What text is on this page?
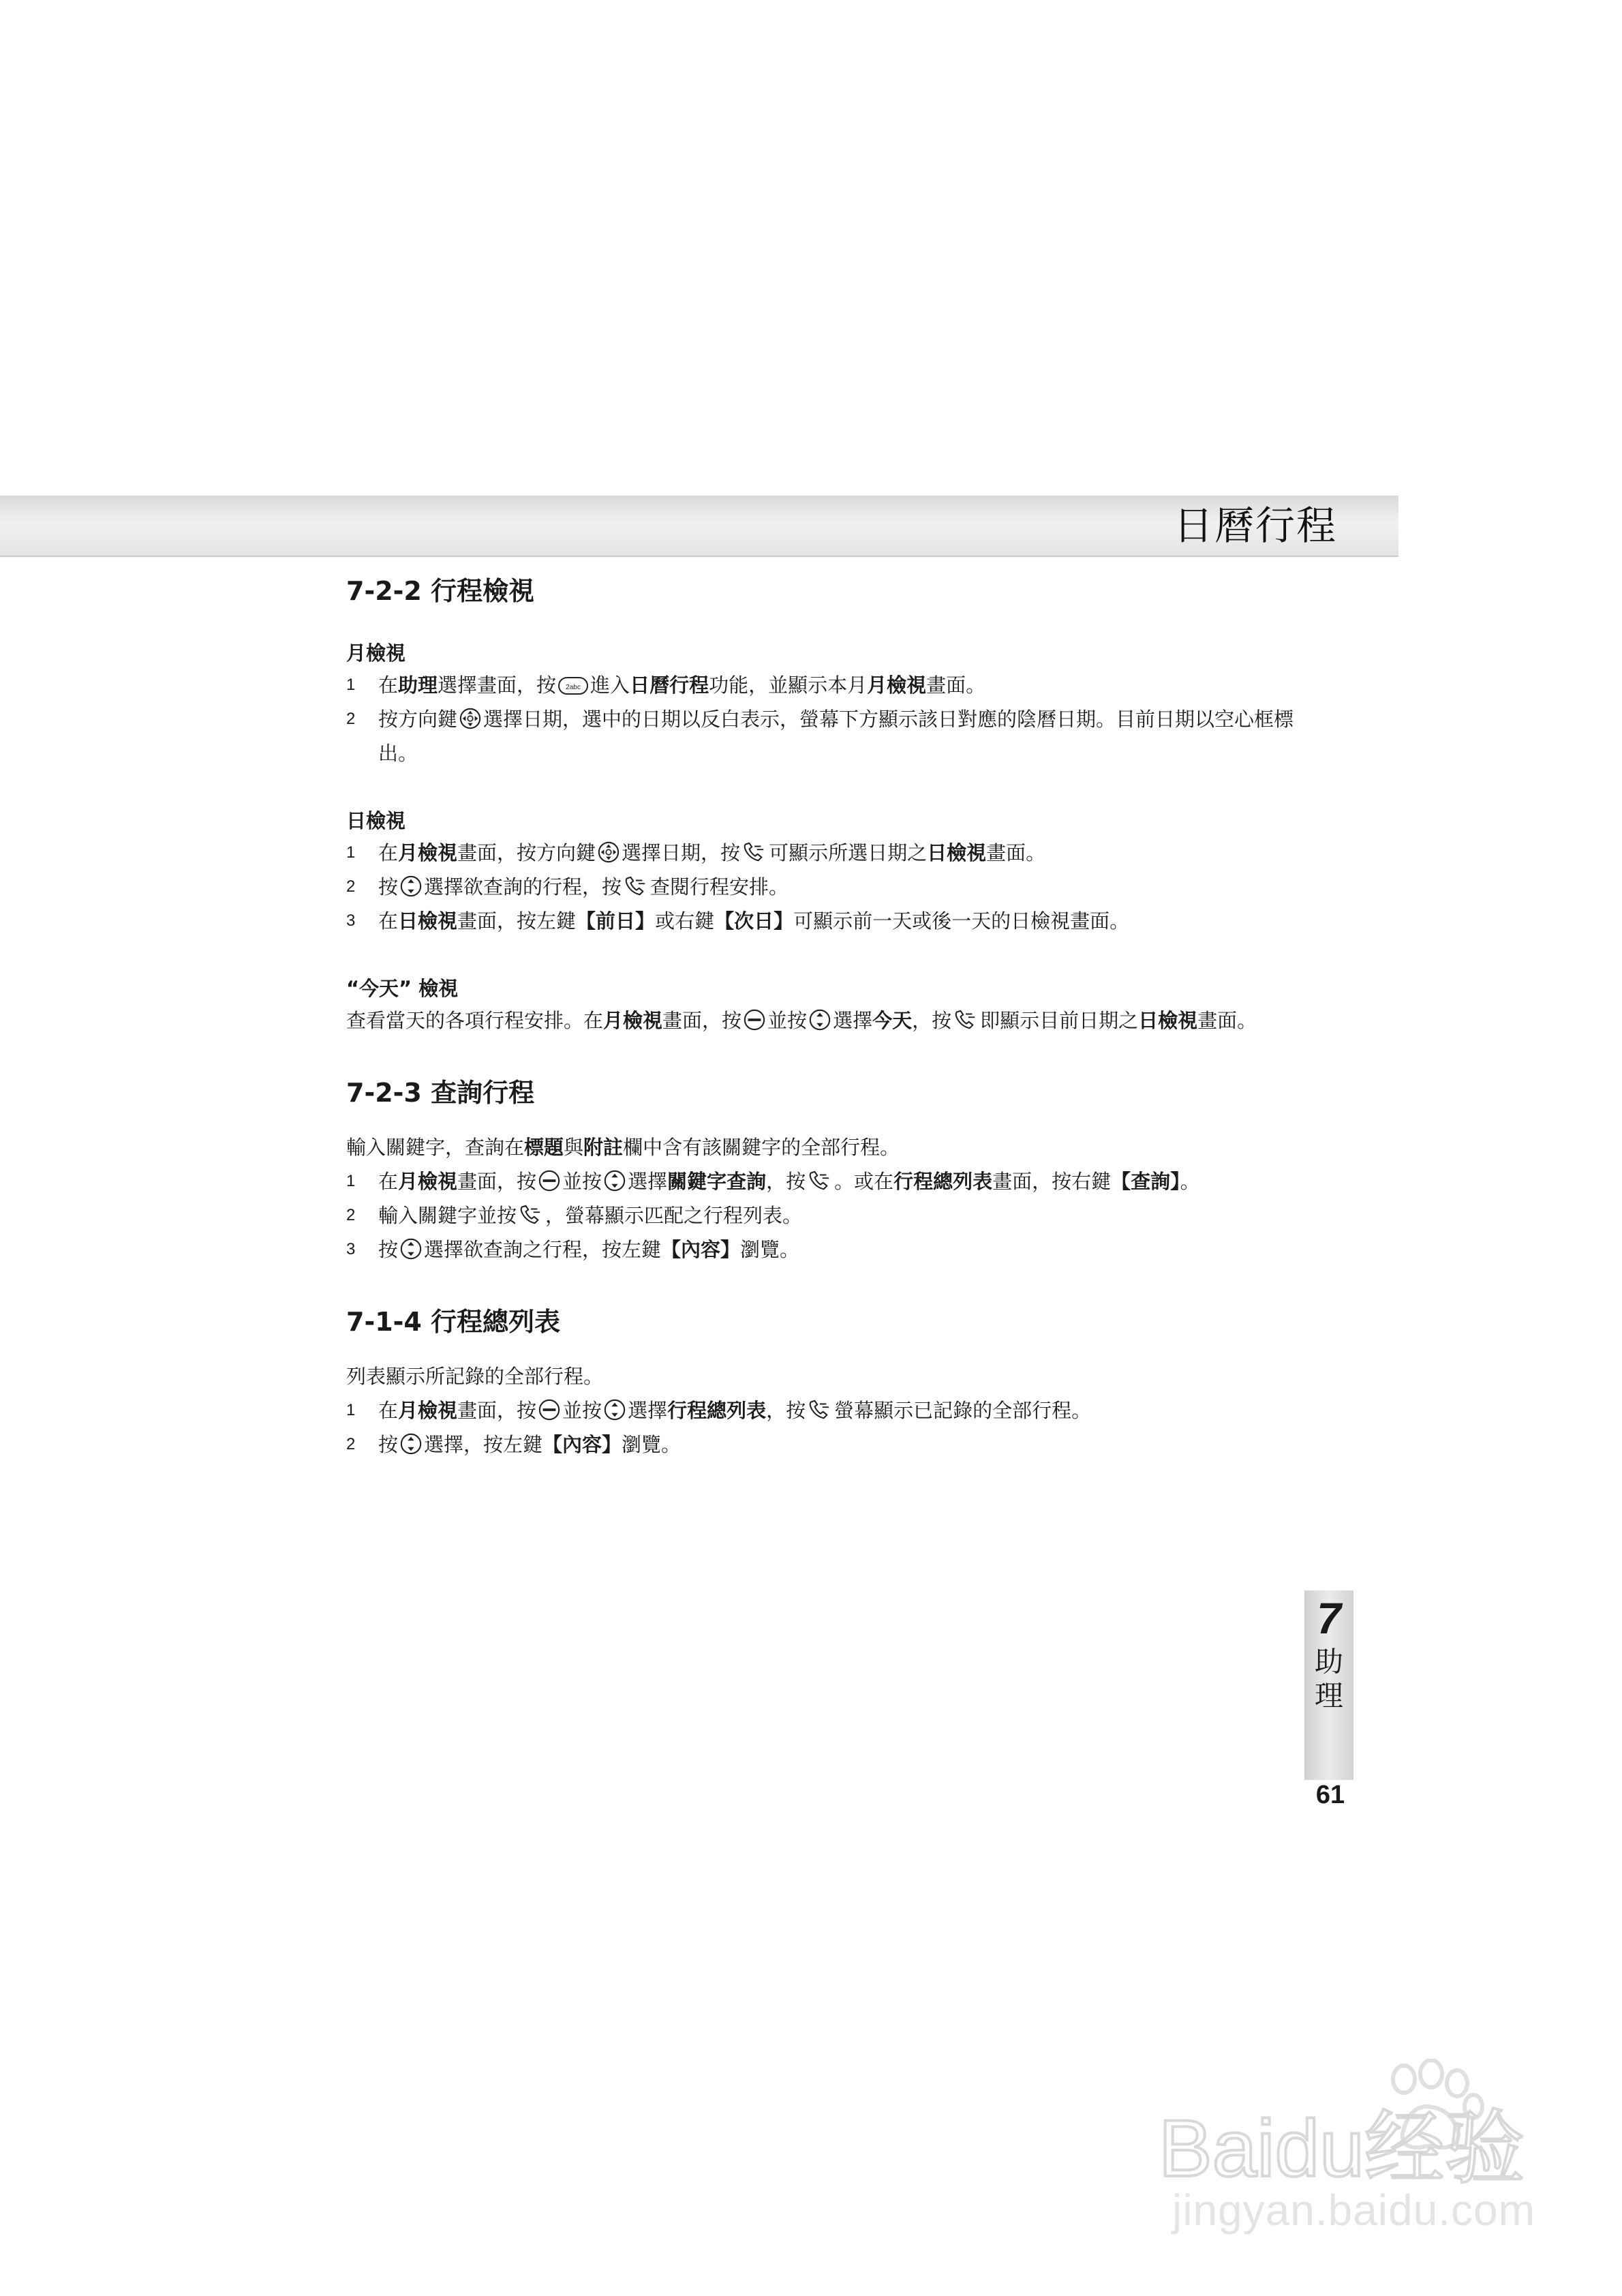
日曆行程
7-2-2 行程檢視
月檢視
1 在助理選擇畫面，按 2abc 進入日曆行程功能，並顯示本月月檢視畫面。
2 按方向鍵 選擇日期，選中的日期以反白表示，螢幕下方顯示該日對應的陰曆日期。目前日期以空心框標出。
日檢視
1 在月檢視畫面，按方向鍵 選擇日期，按 可顯示所選日期之日檢視畫面。
2 按 選擇欲查詢的行程，按 查閱行程安排。
3 在日檢視畫面，按左鍵【前日】或右鍵【次日】可顯示前一天或後一天的日檢視畫面。
“今天” 檢視
查看當天的各項行程安排。在月檢視畫面，按 並按 選擇今天，按 即顯示目前日期之日檢視畫面。
7-2-3 查詢行程
輸入關鍵字，查詢在標題與附註欄中含有該關鍵字的全部行程。
1 在月檢視畫面，按 並按 選擇關鍵字查詢，按 。或在行程總列表畫面，按右鍵【查詢】。
2 輸入關鍵字並按 ，螢幕顯示匹配之行程列表。
3 按 選擇欲查詢之行程，按左鍵【內容】瀏覽。
7-1-4 行程總列表
列表顯示所記錄的全部行程。
1 在月檢視畫面，按 並按 選擇行程總列表，按 螢幕顯示已記錄的全部行程。
2 按 選擇，按左鍵【內容】瀏覽。
7
助
理
61
Baidu经验
jingyan.baidu.com
